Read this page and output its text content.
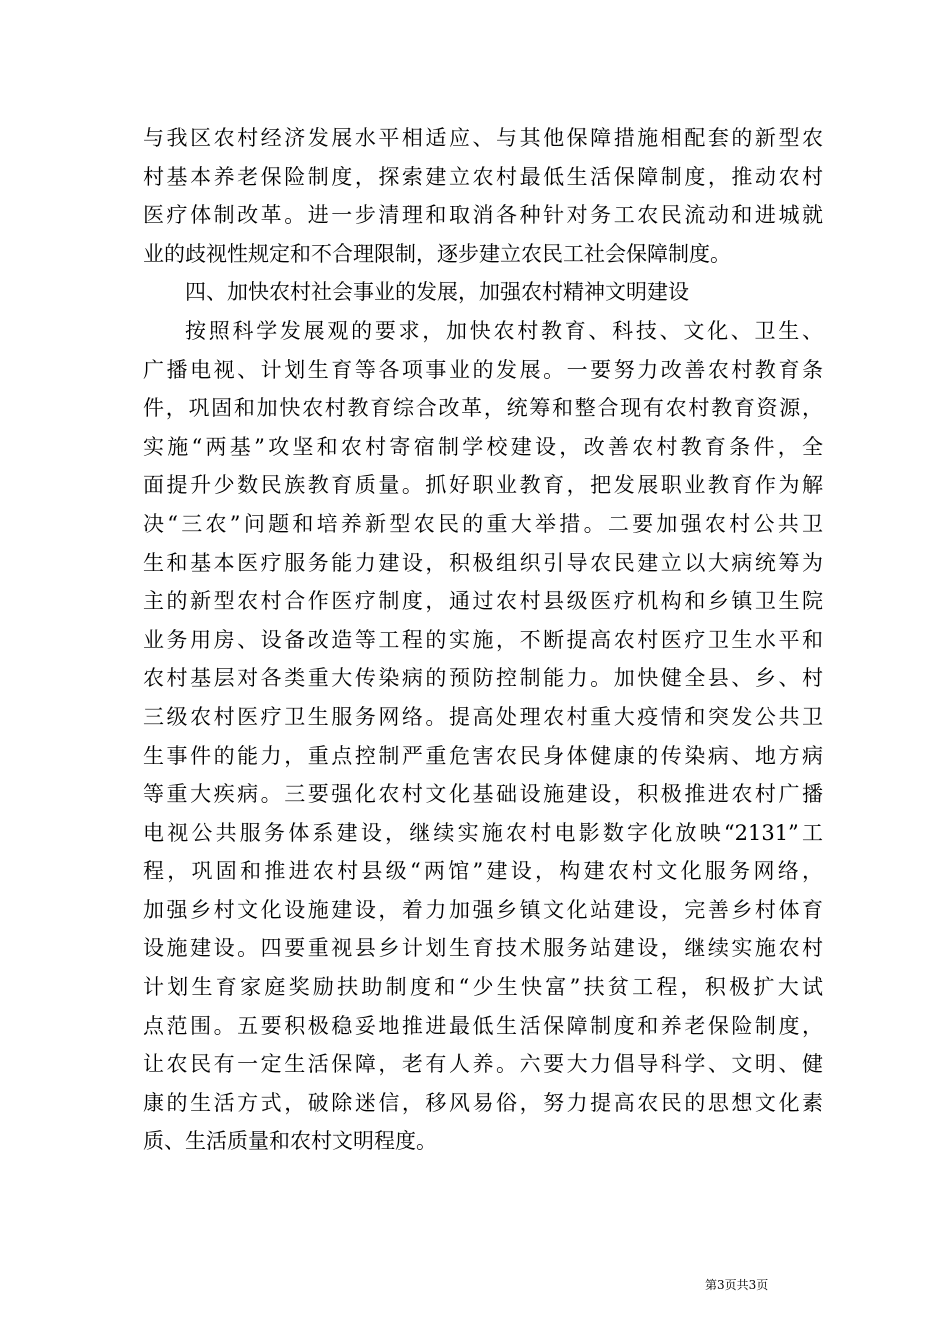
与我区农村经济发展水平相适应、与其他保障措施相配套的新型农
村基本养老保险制度，探索建立农村最低生活保障制度，推动农村
医疗体制改革。进一步清理和取消各种针对务工农民流动和进城就
业的歧视性规定和不合理限制，逐步建立农民工社会保障制度。
四、加快农村社会事业的发展，加强农村精神文明建设
按照科学发展观的要求，加快农村教育、科技、文化、卫生、
广播电视、计划生育等各项事业的发展。一要努力改善农村教育条
件，巩固和加快农村教育综合改革，统筹和整合现有农村教育资源，
实施“两基”攻坚和农村寄宿制学校建设，改善农村教育条件，全
面提升少数民族教育质量。抓好职业教育，把发展职业教育作为解
决“三农”问题和培养新型农民的重大举措。二要加强农村公共卫
生和基本医疗服务能力建设，积极组织引导农民建立以大病统筹为
主的新型农村合作医疗制度，通过农村县级医疗机构和乡镇卫生院
业务用房、设备改造等工程的实施，不断提高农村医疗卫生水平和
农村基层对各类重大传染病的预防控制能力。加快健全县、乡、村
三级农村医疗卫生服务网络。提高处理农村重大疫情和突发公共卫
生事件的能力，重点控制严重危害农民身体健康的传染病、地方病
等重大疾病。三要强化农村文化基础设施建设，积极推进农村广播
电视公共服务体系建设，继续实施农村电影数字化放映“2131”工
程，巩固和推进农村县级“两馆”建设，构建农村文化服务网络，
加强乡村文化设施建设，着力加强乡镇文化站建设，完善乡村体育
设施建设。四要重视县乡计划生育技术服务站建设，继续实施农村
计划生育家庭奖励扶助制度和“少生快富”扶贫工程，积极扩大试
点范围。五要积极稳妥地推进最低生活保障制度和养老保险制度，
让农民有一定生活保障，老有人养。六要大力倡导科学、文明、健
康的生活方式，破除迷信，移风易俗，努力提高农民的思想文化素
质、生活质量和农村文明程度。
第3页共3页
